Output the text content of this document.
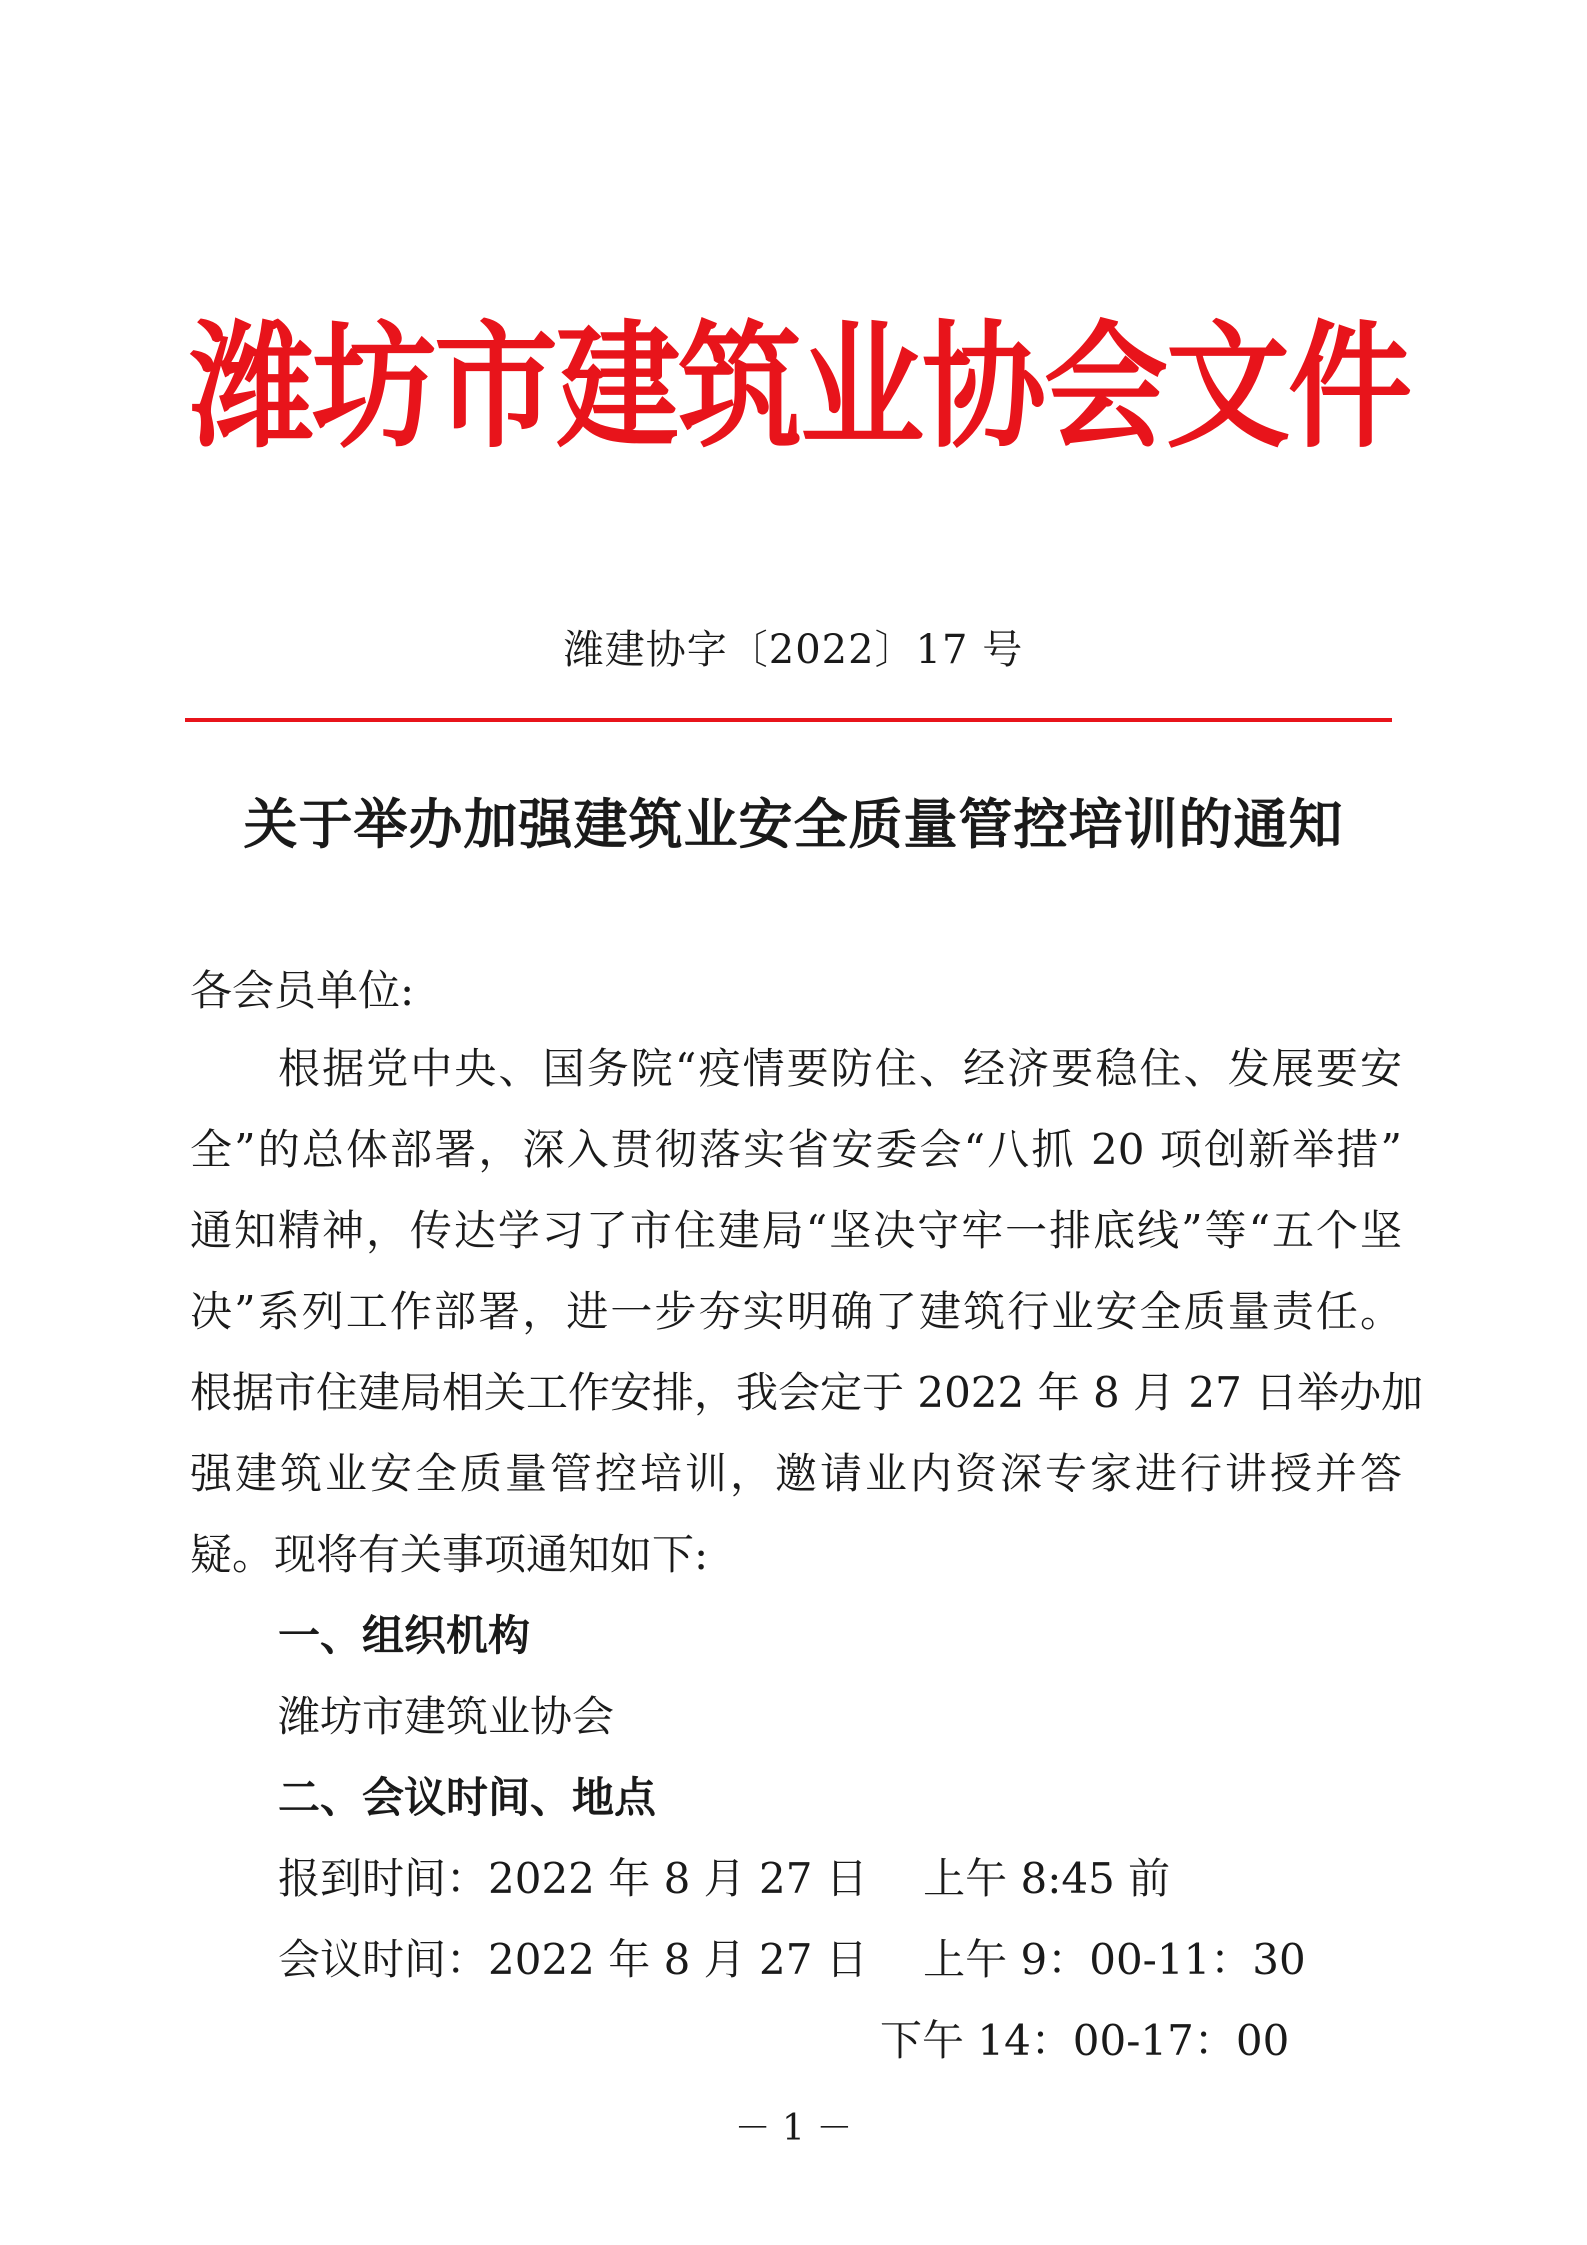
潍坊市建筑业协会文件
潍建协字〔2022〕17 号
关于举办加强建筑业安全质量管控培训的通知
各会员单位:
根据党中央、国务院“疫情要防住、经济要稳住、发展要安
全”的总体部署，深入贯彻落实省安委会“八抓 20 项创新举措”
通知精神，传达学习了市住建局“坚决守牢一排底线”等“五个坚
决”系列工作部署，进一步夯实明确了建筑行业安全质量责任。
根据市住建局相关工作安排，我会定于 2022 年 8 月 27 日举办加
强建筑业安全质量管控培训，邀请业内资深专家进行讲授并答
疑。现将有关事项通知如下:
一、组织机构
潍坊市建筑业协会
二、会议时间、地点
报到时间：2022 年 8 月 27 日　 上午 8:45 前
会议时间：2022 年 8 月 27 日　 上午 9：00-11：30
下午 14：00-17：00
－ 1 －
